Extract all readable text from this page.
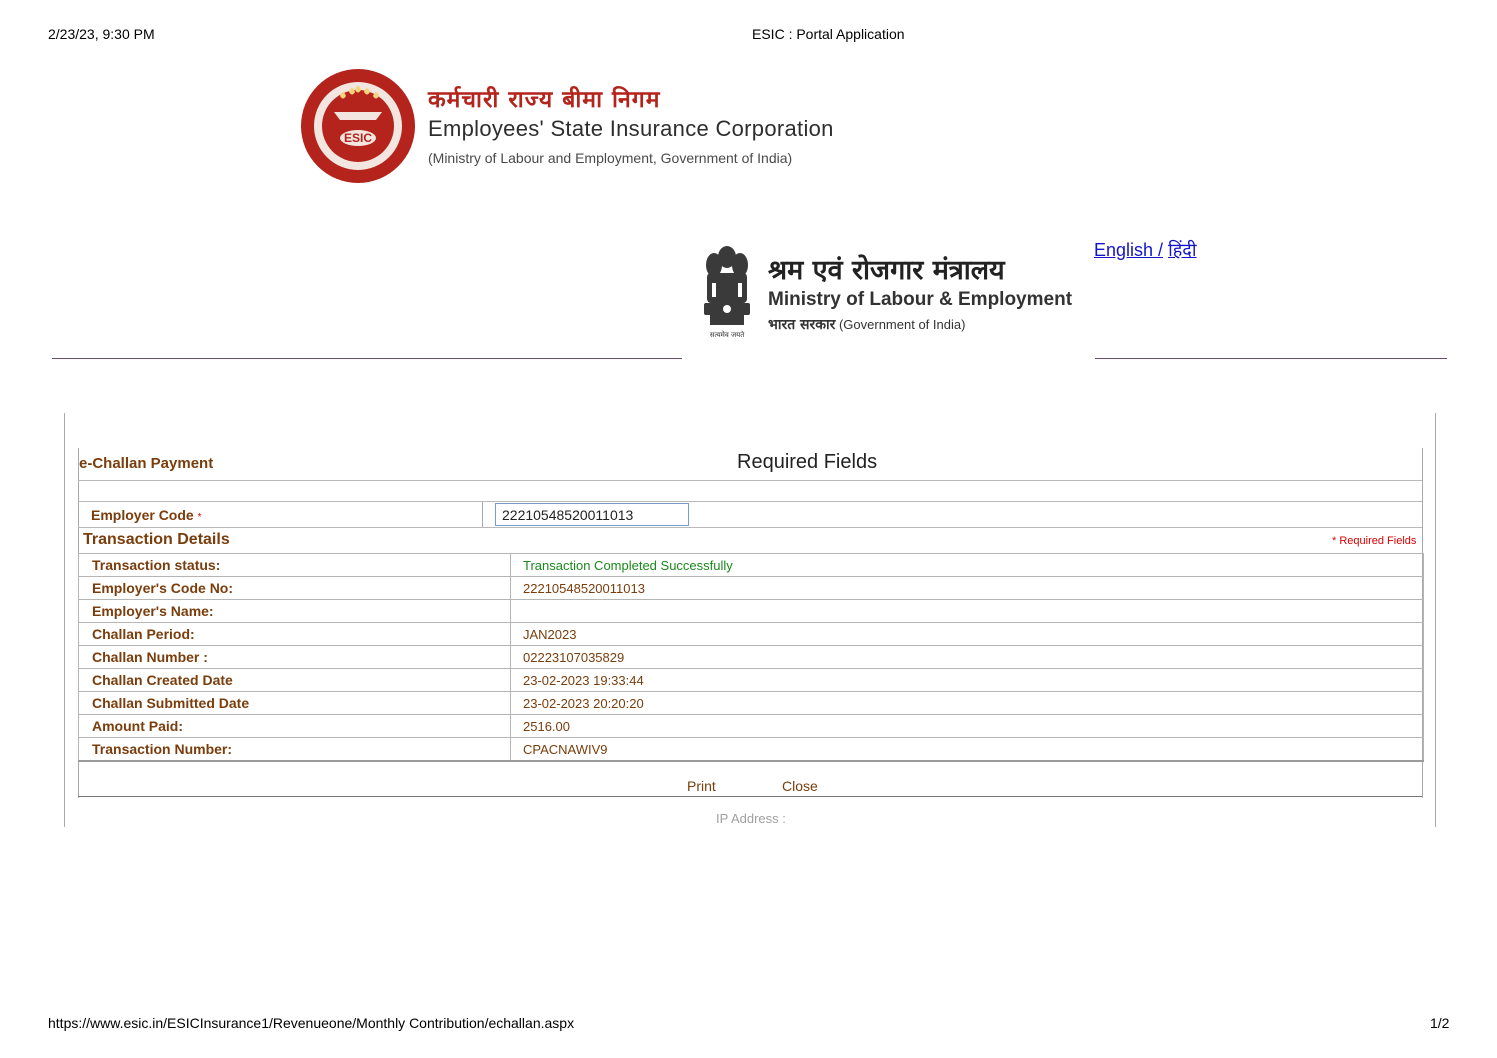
2/23/23, 9:30 PM	ESIC : Portal Application
ESIC
कर्मचारी राज्य बीमा निगम
Employees' State Insurance Corporation
(Ministry of Labour and Employment, Government of India)
सत्यमेव जयते
श्रम एवं रोजगार मंत्रालय
Ministry of Labour & Employment
भारत सरकार (Government of India)
English / हिंदी
e-Challan Payment	Required Fields
Employer Code *
22210548520011013
Transaction Details	* Required Fields
Transaction status:	Transaction Completed Successfully
Employer's Code No:	22210548520011013
Employer's Name:	
Challan Period:	JAN2023
Challan Number :	02223107035829
Challan Created Date	23-02-2023 19:33:44
Challan Submitted Date	23-02-2023 20:20:20
Amount Paid:	2516.00
Transaction Number:	CPACNAWIV9
Print	Close
IP Address :
https://www.esic.in/ESICInsurance1/Revenueone/Monthly Contribution/echallan.aspx	1/2
